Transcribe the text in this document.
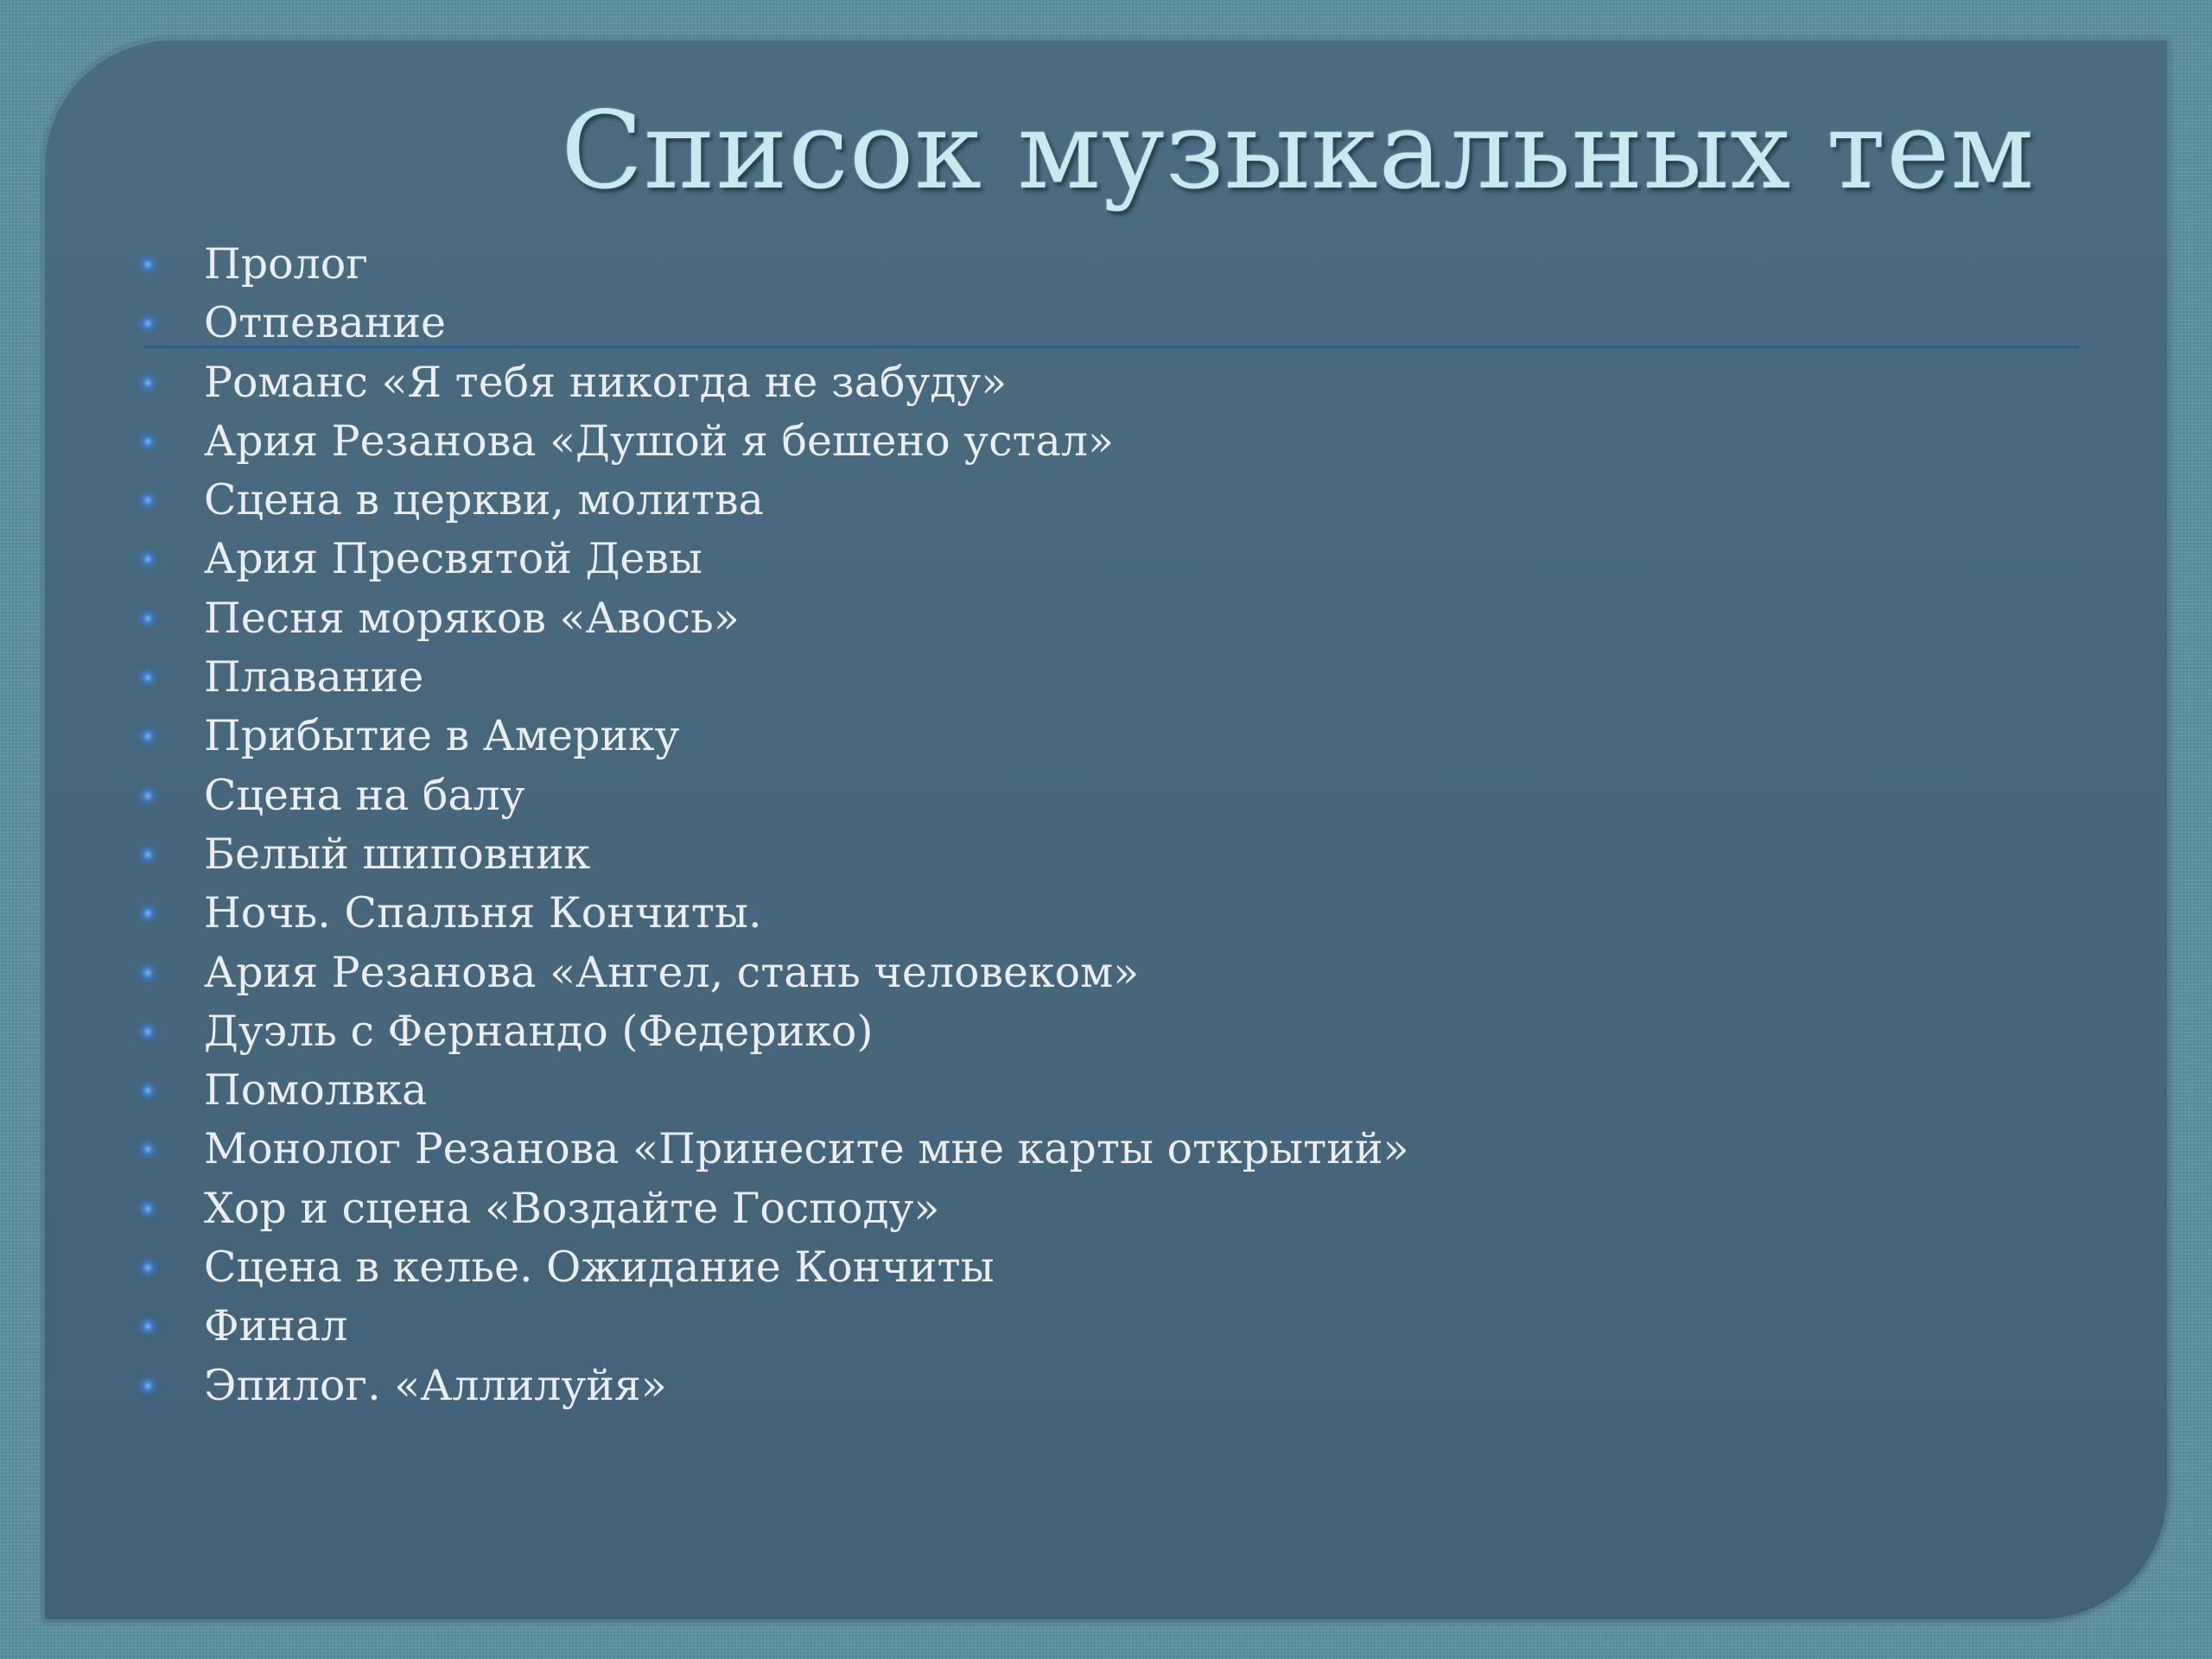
Список музыкальных тем
Пролог
Отпевание
Романс «Я тебя никогда не забуду»
Ария Резанова «Душой я бешено устал»
Сцена в церкви, молитва
Ария Пресвятой Девы
Песня моряков «Авось»
Плавание
Прибытие в Америку
Сцена на балу
Белый шиповник
Ночь. Спальня Кончиты.
Ария Резанова «Ангел, стань человеком»
Дуэль с Фернандо (Федерико)
Помолвка
Монолог Резанова «Принесите мне карты открытий»
Хор и сцена «Воздайте Господу»
Сцена в келье. Ожидание Кончиты
Финал
Эпилог. «Аллилуйя»
